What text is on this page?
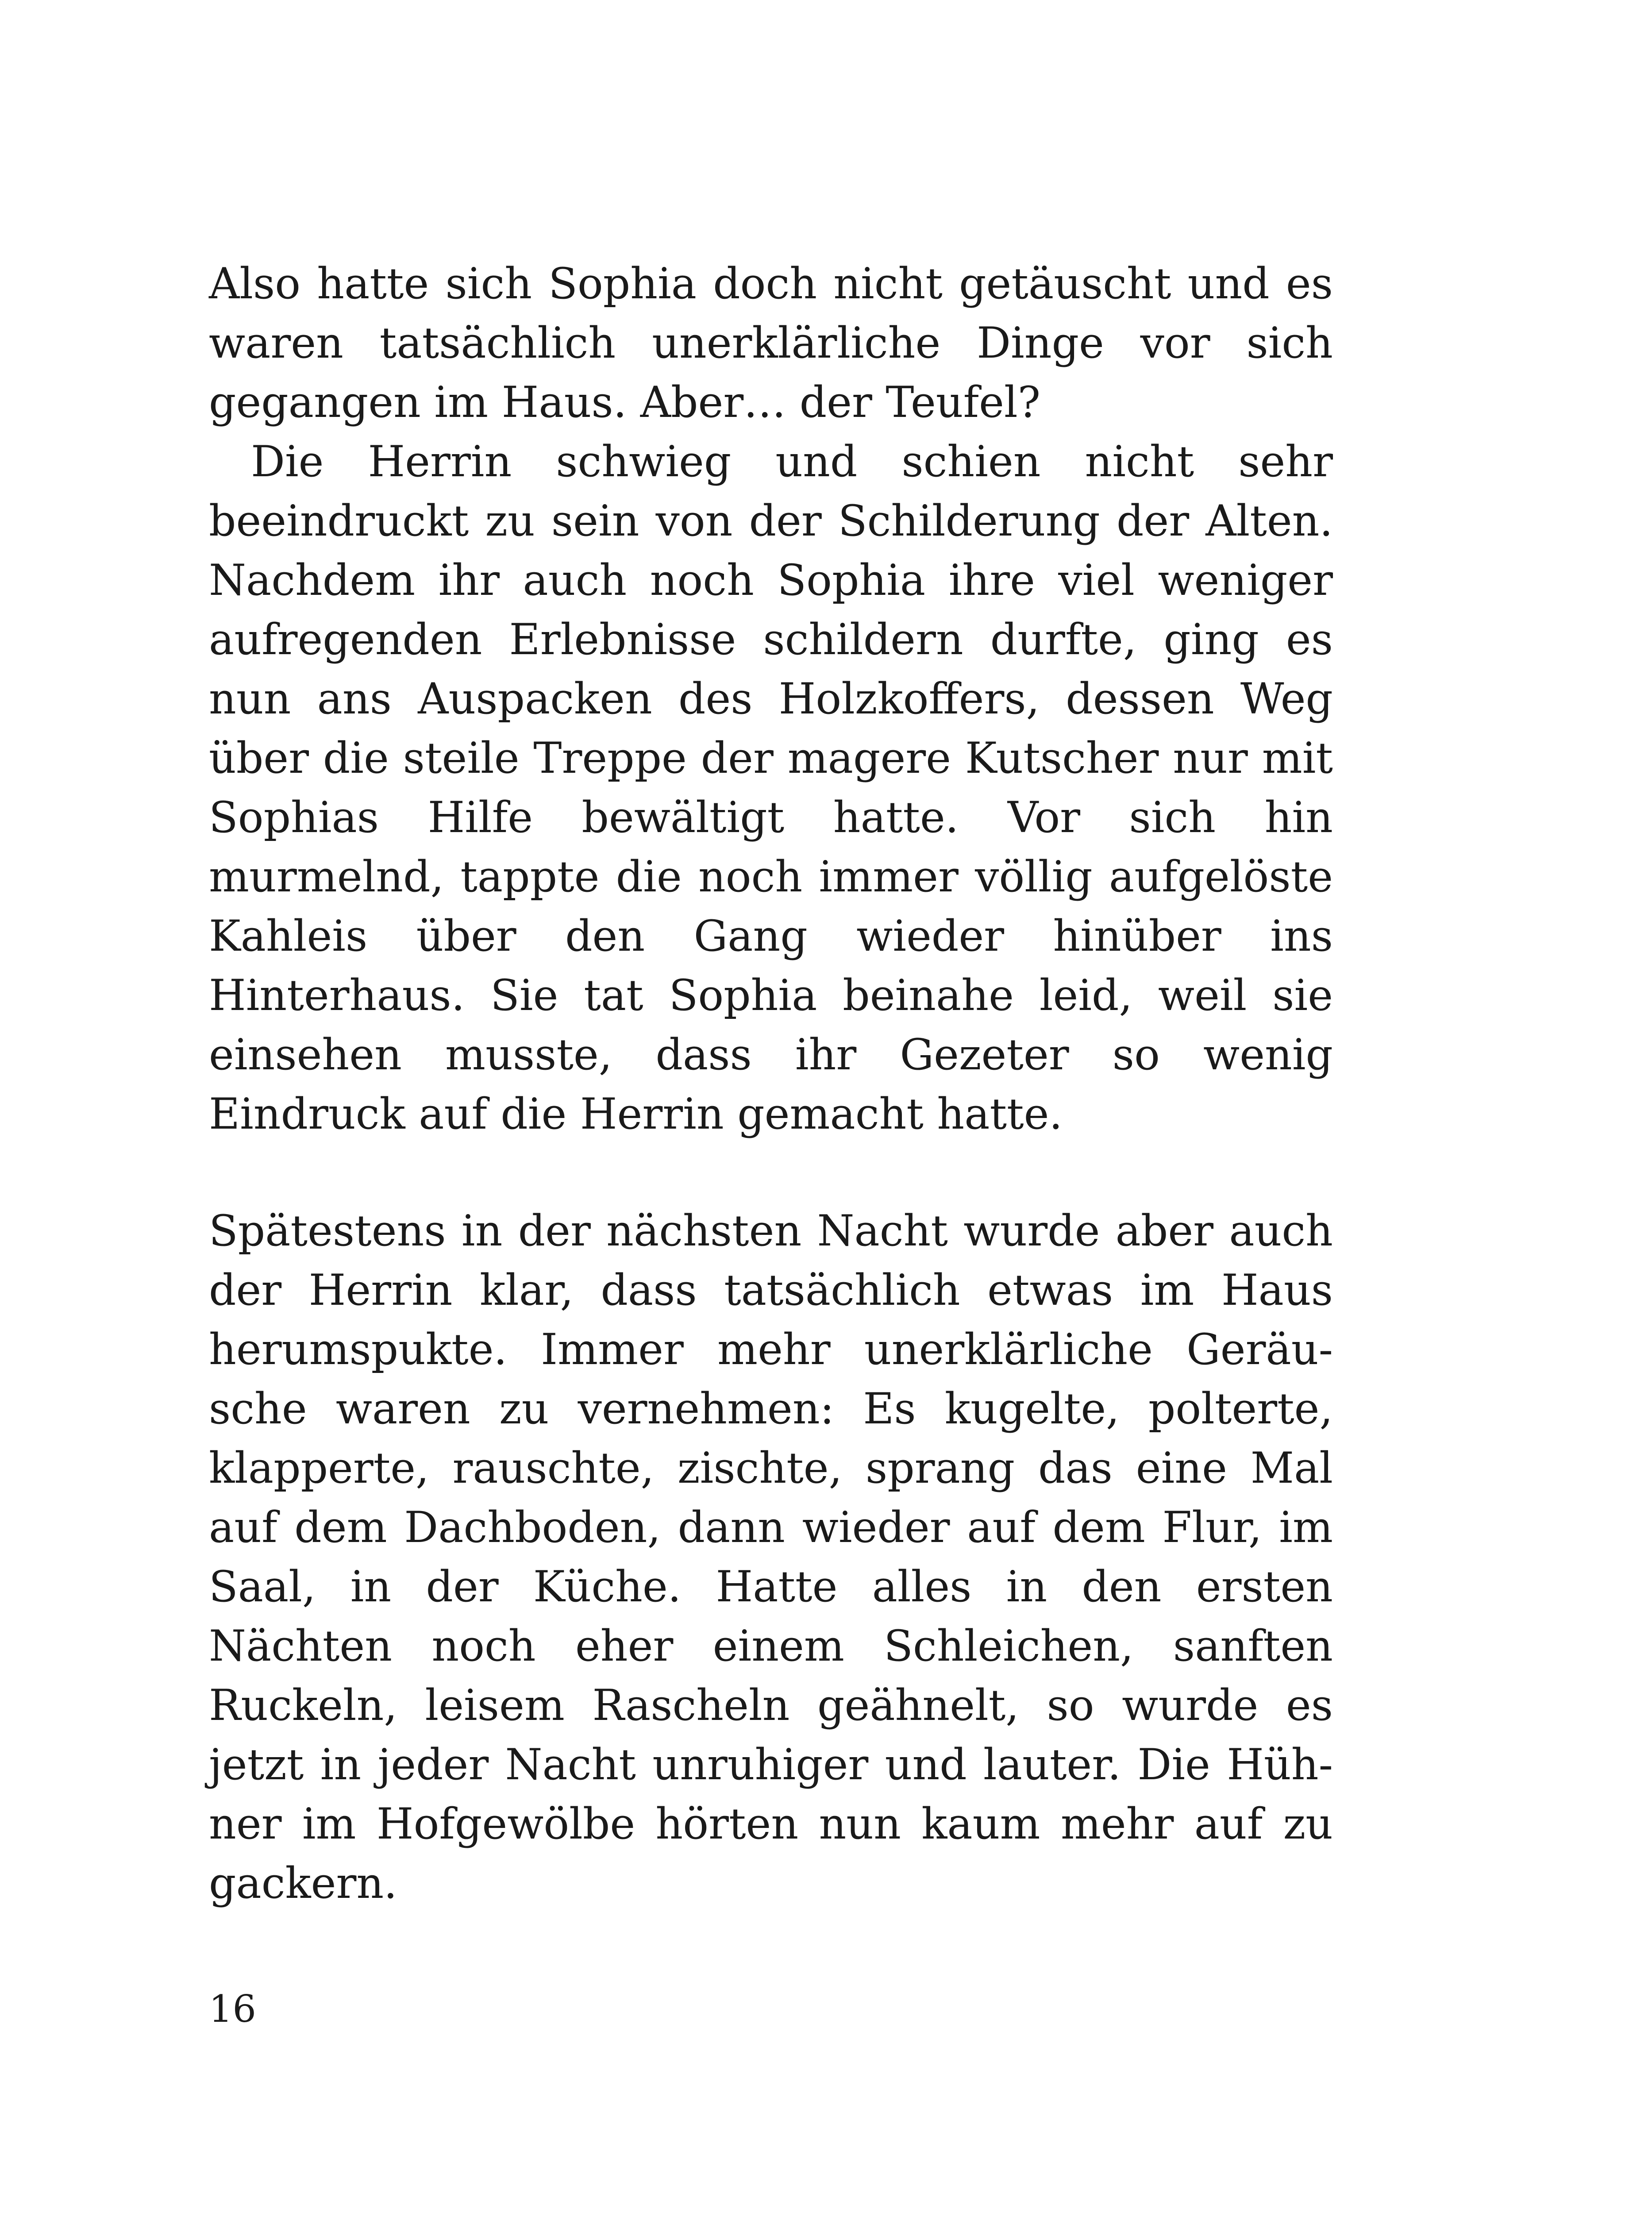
Also hatte sich Sophia doch nicht getäuscht und es waren tatsächlich unerklärliche Dinge vor sich gegangen im Haus. Aber… der Teufel?

Die Herrin schwieg und schien nicht sehr beeindruckt zu sein von der Schilderung der Alten. Nachdem ihr auch noch Sophia ihre viel weniger aufregenden Erlebnisse schildern durfte, ging es nun ans Auspacken des Holzkoffers, dessen Weg über die steile Treppe der magere Kutscher nur mit Sophias Hilfe bewältigt hatte. Vor sich hin murmelnd, tappte die noch immer völlig aufgelöste Kahleis über den Gang wieder hinüber ins Hinterhaus. Sie tat Sophia beinahe leid, weil sie einsehen musste, dass ihr Gezeter so wenig Eindruck auf die Herrin gemacht hatte.

Spätestens in der nächsten Nacht wurde aber auch der Herrin klar, dass tatsächlich etwas im Haus herumspukte. Immer mehr unerklärliche Geräusche waren zu vernehmen: Es kugelte, polterte, klapperte, rauschte, zischte, sprang das eine Mal auf dem Dachboden, dann wieder auf dem Flur, im Saal, in der Küche. Hatte alles in den ersten Nächten noch eher einem Schleichen, sanften Ruckeln, leisem Rascheln geähnelt, so wurde es jetzt in jeder Nacht unruhiger und lauter. Die Hühner im Hofgewölbe hörten nun kaum mehr auf zu gackern.

16
